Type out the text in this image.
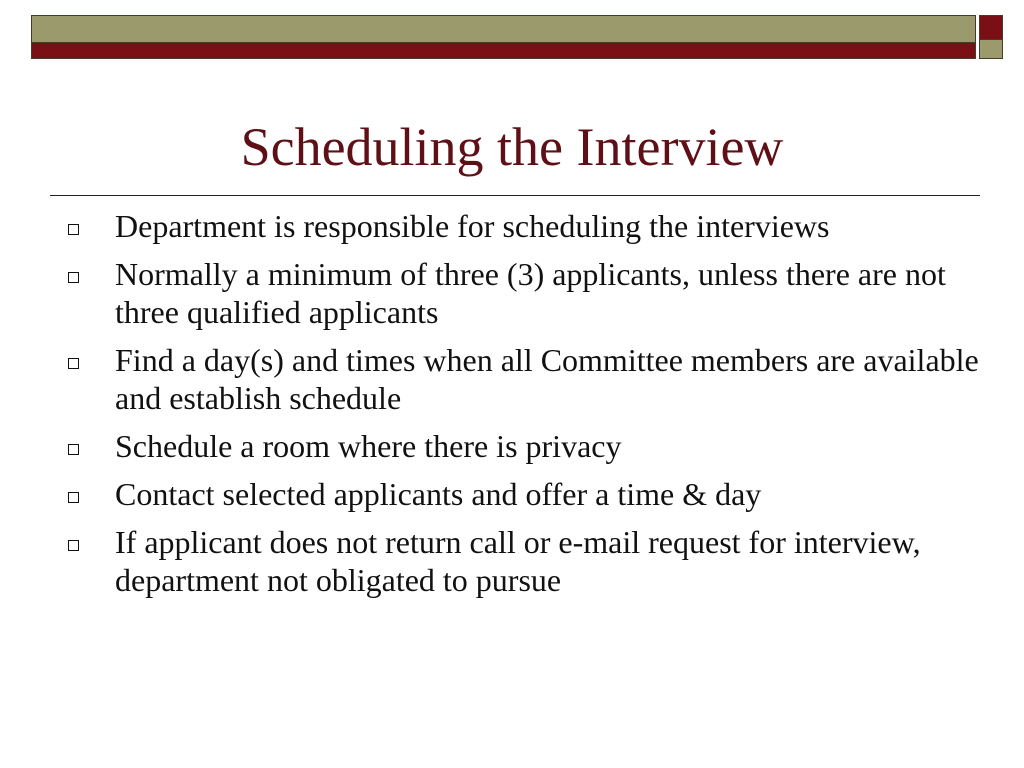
Scheduling the Interview
Department is responsible for scheduling the interviews
Normally a minimum of three (3) applicants, unless there are not three qualified applicants
Find a day(s) and times when all Committee members are available and establish schedule
Schedule a room where there is privacy
Contact selected applicants and offer a time & day
If applicant does not return call or e-mail request for interview, department not obligated to pursue
